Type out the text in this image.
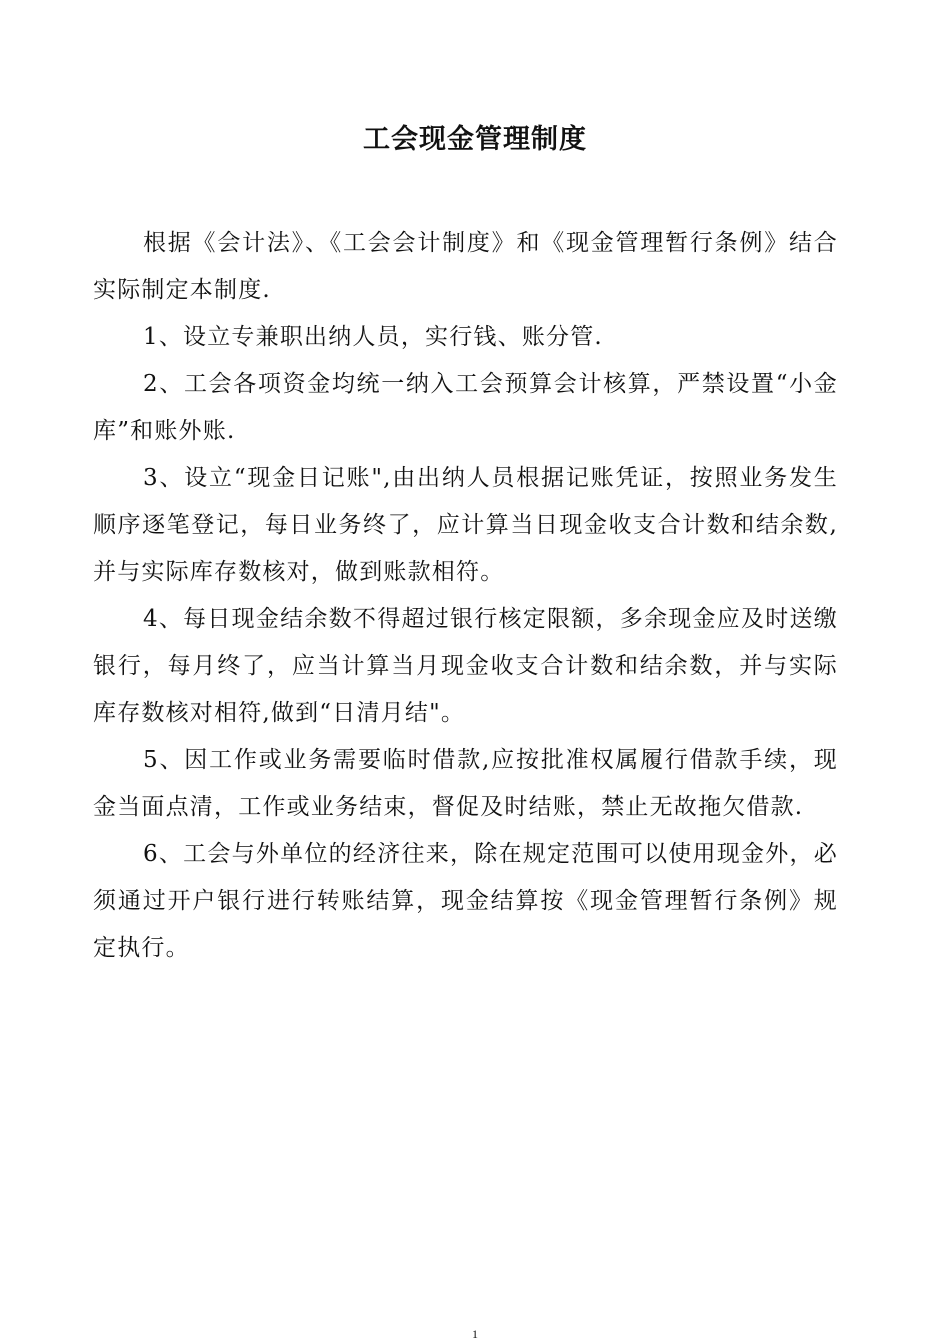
工会现金管理制度

根据《会计法》、《工会会计制度》和《现金管理暂行条例》结合实际制定本制度.

1、设立专兼职出纳人员，实行钱、账分管.

2、工会各项资金均统一纳入工会预算会计核算，严禁设置“小金库”和账外账.

3、设立“现金日记账",由出纳人员根据记账凭证，按照业务发生顺序逐笔登记，每日业务终了，应计算当日现金收支合计数和结余数,并与实际库存数核对，做到账款相符。

4、每日现金结余数不得超过银行核定限额，多余现金应及时送缴银行，每月终了，应当计算当月现金收支合计数和结余数，并与实际库存数核对相符,做到“日清月结"。

5、因工作或业务需要临时借款,应按批准权属履行借款手续，现金当面点清，工作或业务结束，督促及时结账，禁止无故拖欠借款.

6、工会与外单位的经济往来，除在规定范围可以使用现金外，必须通过开户银行进行转账结算，现金结算按《现金管理暂行条例》规定执行。

1
